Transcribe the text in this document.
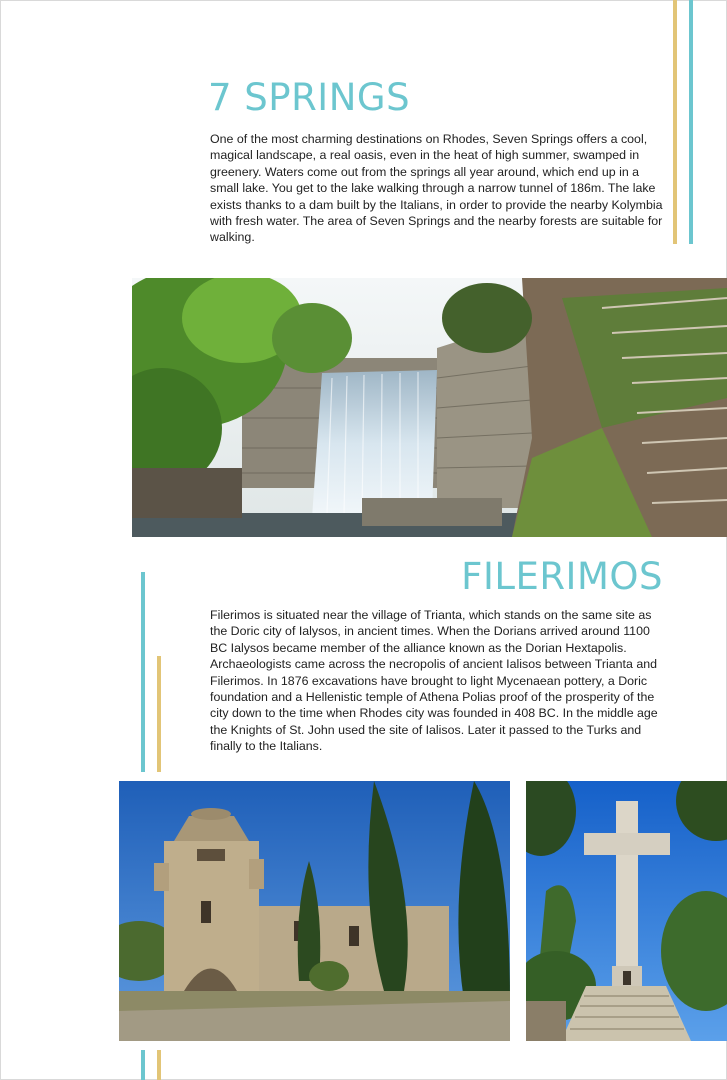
7 SPRINGS

One of the most charming destinations on Rhodes, Seven Springs offers a cool, magical landscape, a real oasis, even in the heat of high summer, swamped in greenery. Waters come out from the springs all year around, which end up in a small lake. You get to the lake walking through a narrow tunnel of 186m. The lake exists thanks to a dam built by the Italians, in order to provide the nearby Kolymbia with fresh water. The area of Seven Springs and the nearby forests are suitable for walking.

FILERIMOS

Filerimos is situated near the village of Trianta, which stands on the same site as the Doric city of Ialysos, in ancient times. When the Dorians arrived around 1100 BC Ialysos became member of the alliance known as the Dorian Hextapolis. Archaeologists came across the necropolis of ancient Ialisos between Trianta and Filerimos. In 1876 excavations have brought to light Mycenaean pottery, a Doric foundation and a Hellenistic temple of Athena Polias proof of the prosperity of the city down to the time when Rhodes city was founded in 408 BC. In the middle age the Knights of St. John used the site of Ialisos. Later it passed to the Turks and finally to the Italians.
